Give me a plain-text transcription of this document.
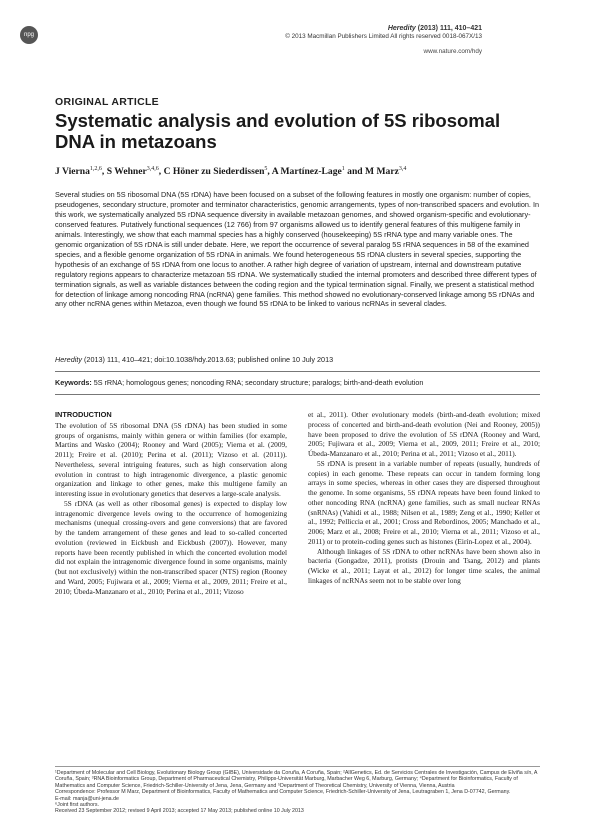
npg
Heredity (2013) 111, 410–421
© 2013 Macmillan Publishers Limited All rights reserved 0018-067X/13
www.nature.com/hdy
ORIGINAL ARTICLE
Systematic analysis and evolution of 5S ribosomal DNA in metazoans
J Vierna$^{1,2,6}$, S Wehner$^{3,4,6}$, C Höner zu Siederdissen$^5$, A Martínez-Lage$^1$ and M Marz$^{3,4}$
Several studies on 5S ribosomal DNA (5S rDNA) have been focused on a subset of the following features in mostly one organism: number of copies, pseudogenes, secondary structure, promoter and terminator characteristics, genomic arrangements, types of non-transcribed spacers and evolution. In this work, we systematically analyzed 5S rDNA sequence diversity in available metazoan genomes, and showed organism-specific and evolutionary-conserved features. Putatively functional sequences (12 766) from 97 organisms allowed us to identify general features of this multigene family in animals. Interestingly, we show that each mammal species has a highly conserved (housekeeping) 5S rRNA type and many variable ones. The genomic organization of 5S rDNA is still under debate. Here, we report the occurrence of several paralog 5S rRNA sequences in 58 of the examined species, and a flexible genome organization of 5S rDNA in animals. We found heterogeneous 5S rDNA clusters in several species, supporting the hypothesis of an exchange of 5S rDNA from one locus to another. A rather high degree of variation of upstream, internal and downstream putative regulatory regions appears to characterize metazoan 5S rDNA. We systematically studied the internal promoters and described three different types of termination signals, as well as variable distances between the coding region and the typical termination signal. Finally, we present a statistical method for detection of linkage among noncoding RNA (ncRNA) gene families. This method showed no evolutionary-conserved linkage among 5S rDNAs and any other ncRNA genes within Metazoa, even though we found 5S rDNA to be linked to various ncRNAs in several clades.
Heredity (2013) 111, 410–421; doi:10.1038/hdy.2013.63; published online 10 July 2013
Keywords: 5S rRNA; homologous genes; noncoding RNA; secondary structure; paralogs; birth-and-death evolution

INTRODUCTION

The evolution of 5S ribosomal DNA (5S rDNA) has been studied in some groups of organisms, mainly within genera or within families (for example, Martins and Wasko (2004); Rooney and Ward (2005); Vierna et al. (2009, 2011); Freire et al. (2010); Perina et al. (2011); Vizoso et al. (2011)). Nevertheless, several intriguing features, such as high conservation along evolution in contrast to high intragenomic divergence, a plastic genomic organization and linkage to other genes, make this multigene family an interesting issue in evolutionary genetics that deserves a large-scale analysis.

5S rDNA (as well as other ribosomal genes) is expected to display low intragenomic divergence levels owing to the occurrence of homogenizing mechanisms (unequal crossing-overs and gene conversions) that are favored by the tandem arrangement of these genes and lead to so-called concerted evolution (reviewed in Eickbush and Eickbush (2007)). However, many reports have been recently published in which the concerted evolution model did not explain the intragenomic divergence found in some organisms, mainly (but not exclusively) within the non-transcribed spacer (NTS) region (Rooney and Ward, 2005; Fujiwara et al., 2009; Vierna et al., 2009, 2011; Freire et al., 2010; Úbeda-Manzanaro et al., 2010; Perina et al., 2011; Vizoso

et al., 2011). Other evolutionary models (birth-and-death evolution; mixed process of concerted and birth-and-death evolution (Nei and Rooney, 2005)) have been proposed to drive the evolution of 5S rDNA (Rooney and Ward, 2005; Fujiwara et al., 2009; Vierna et al., 2009, 2011; Freire et al., 2010; Úbeda-Manzanaro et al., 2010; Perina et al., 2011; Vizoso et al., 2011).

5S rDNA is present in a variable number of repeats (usually, hundreds of copies) in each genome. These repeats can occur in tandem forming long arrays in some species, whereas in other cases they are dispersed throughout the genome. In some organisms, 5S rDNA repeats have been found linked to other noncoding RNA (ncRNA) gene families, such as small nuclear RNAs (snRNAs) (Vahidi et al., 1988; Nilsen et al., 1989; Zeng et al., 1990; Keller et al., 1992; Pelliccia et al., 2001; Cross and Rebordinos, 2005; Manchado et al., 2006; Marz et al., 2008; Freire et al., 2010; Vierna et al., 2011; Vizoso et al., 2011) or to protein-coding genes such as histones (Eirín-Lopez et al., 2004).

Although linkages of 5S rDNA to other ncRNAs have been shown also in bacteria (Gongadze, 2011), protists (Drouin and Tsang, 2012) and plants (Wicke et al., 2011; Layat et al., 2012) for longer time scales, the animal linkages of ncRNAs seem not to be stable over long

¹Department of Molecular and Cell Biology, Evolutionary Biology Group (GIBE), Universidade da Coruña, A Coruña, Spain; ²AllGenetics, Ed. de Servicios Centrales de Investigación, Campus de Elviña s/n, A Coruña, Spain; ³RNA Bioinformatics Group, Department of Pharmaceutical Chemistry, Philipps-Universität Marburg, Marbacher Weg 6, Marburg, Germany; ⁴Department for Bioinformatics, Faculty of Mathematics and Computer Science, Friedrich-Schiller-University of Jena, Jena, Germany and ⁵Department of Theoretical Chemistry, University of Vienna, Vienna, Austria

Correspondence: Professor M Marz, Department of Bioinformatics, Faculty of Mathematics and Computer Science, Friedrich-Schiller-University of Jena, Leutragraben 1, Jena D-07742, Germany.

E-mail: manja@uni-jena.de

⁶Joint first authors.

Received 23 September 2012; revised 9 April 2013; accepted 17 May 2013; published online 10 July 2013
